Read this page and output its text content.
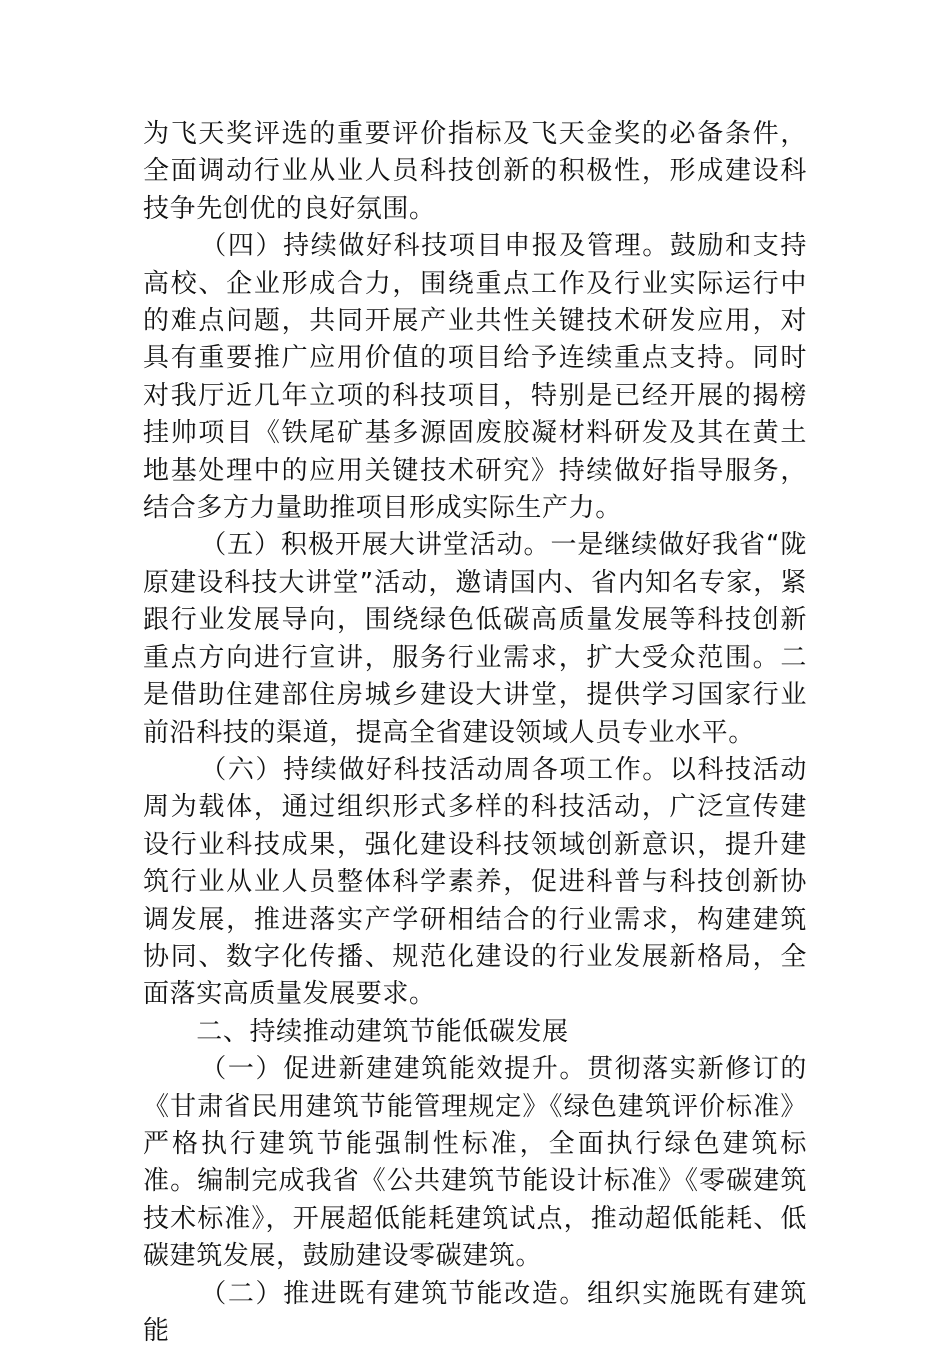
为飞天奖评选的重要评价指标及飞天金奖的必备条件，全面调动行业从业人员科技创新的积极性，形成建设科技争先创优的良好氛围。

（四）持续做好科技项目申报及管理。鼓励和支持高校、企业形成合力，围绕重点工作及行业实际运行中的难点问题，共同开展产业共性关键技术研发应用，对具有重要推广应用价值的项目给予连续重点支持。同时对我厅近几年立项的科技项目，特别是已经开展的揭榜挂帅项目《铁尾矿基多源固废胶凝材料研发及其在黄土地基处理中的应用关键技术研究》持续做好指导服务，结合多方力量助推项目形成实际生产力。

（五）积极开展大讲堂活动。一是继续做好我省“陇原建设科技大讲堂”活动，邀请国内、省内知名专家，紧跟行业发展导向，围绕绿色低碳高质量发展等科技创新重点方向进行宣讲，服务行业需求，扩大受众范围。二是借助住建部住房城乡建设大讲堂，提供学习国家行业前沿科技的渠道，提高全省建设领域人员专业水平。

（六）持续做好科技活动周各项工作。以科技活动周为载体，通过组织形式多样的科技活动，广泛宣传建设行业科技成果，强化建设科技领域创新意识，提升建筑行业从业人员整体科学素养，促进科普与科技创新协调发展，推进落实产学研相结合的行业需求，构建建筑协同、数字化传播、规范化建设的行业发展新格局，全面落实高质量发展要求。

二、持续推动建筑节能低碳发展

（一）促进新建建筑能效提升。贯彻落实新修订的《甘肃省民用建筑节能管理规定》《绿色建筑评价标准》严格执行建筑节能强制性标准，全面执行绿色建筑标准。编制完成我省《公共建筑节能设计标准》《零碳建筑技术标准》，开展超低能耗建筑试点，推动超低能耗、低碳建筑发展，鼓励建设零碳建筑。

（二）推进既有建筑节能改造。组织实施既有建筑能
